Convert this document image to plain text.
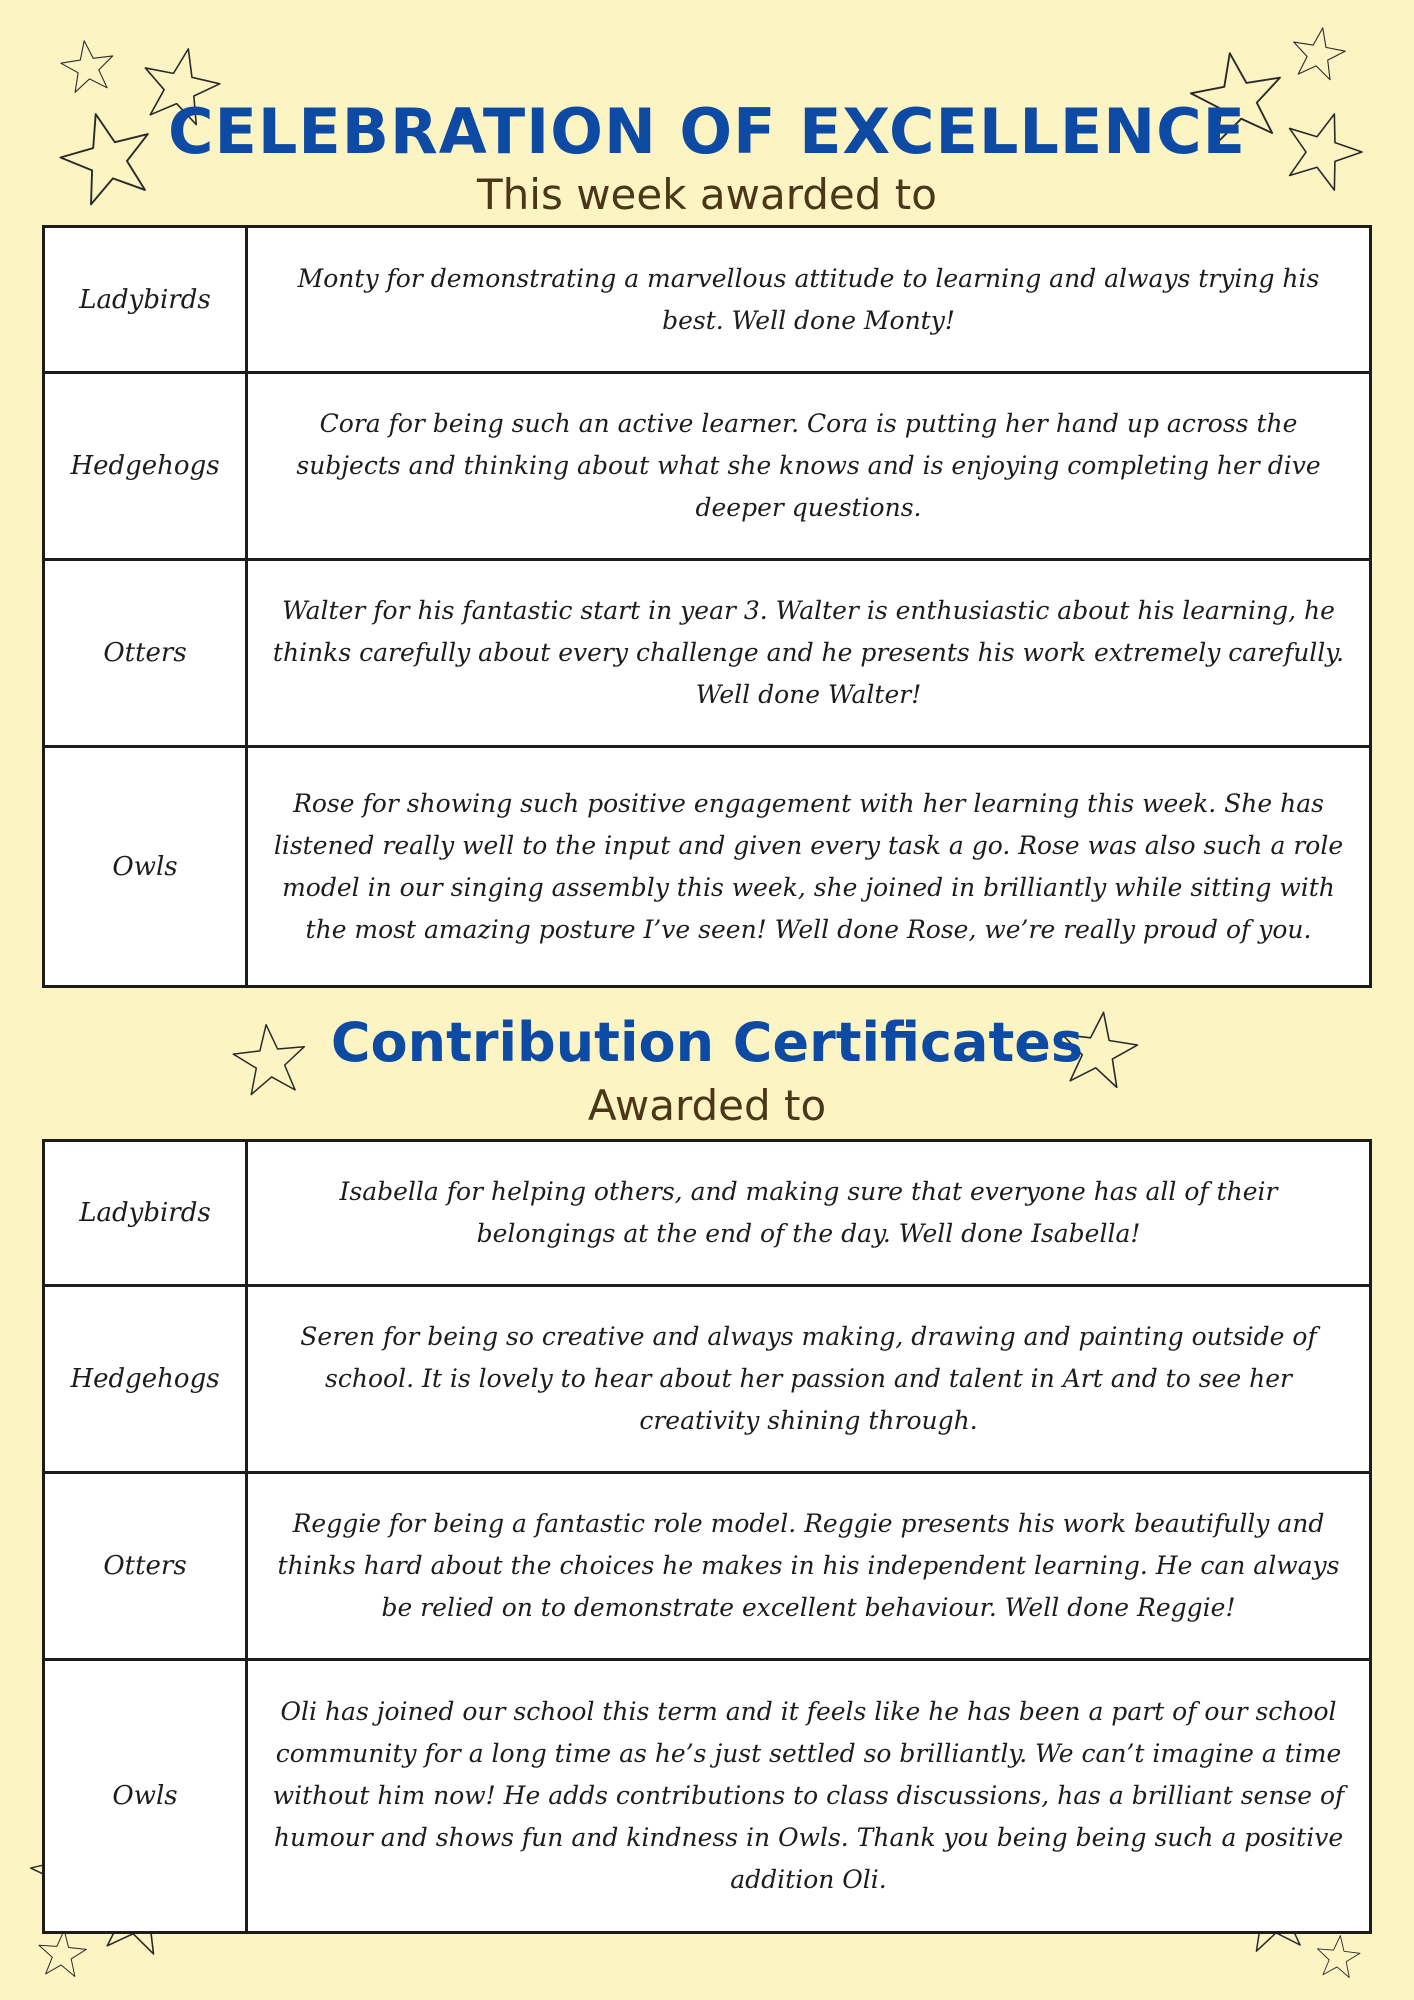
CELEBRATION OF EXCELLENCE
This week awarded to
Ladybirds	Monty for demonstrating a marvellous attitude to learning and always trying his best. Well done Monty!
Hedgehogs	Cora for being such an active learner. Cora is putting her hand up across the subjects and thinking about what she knows and is enjoying completing her dive deeper questions.
Otters	Walter for his fantastic start in year 3. Walter is enthusiastic about his learning, he thinks carefully about every challenge and he presents his work extremely carefully. Well done Walter!
Owls	Rose for showing such positive engagement with her learning this week. She has listened really well to the input and given every task a go. Rose was also such a role model in our singing assembly this week, she joined in brilliantly while sitting with the most amazing posture I’ve seen! Well done Rose, we’re really proud of you.
Contribution Certificates
Awarded to
Ladybirds	Isabella for helping others, and making sure that everyone has all of their belongings at the end of the day. Well done Isabella!
Hedgehogs	Seren for being so creative and always making, drawing and painting outside of school. It is lovely to hear about her passion and talent in Art and to see her creativity shining through.
Otters	Reggie for being a fantastic role model. Reggie presents his work beautifully and thinks hard about the choices he makes in his independent learning. He can always be relied on to demonstrate excellent behaviour. Well done Reggie!
Owls	Oli has joined our school this term and it feels like he has been a part of our school community for a long time as he’s just settled so brilliantly. We can’t imagine a time without him now! He adds contributions to class discussions, has a brilliant sense of humour and shows fun and kindness in Owls. Thank you being being such a positive addition Oli.
